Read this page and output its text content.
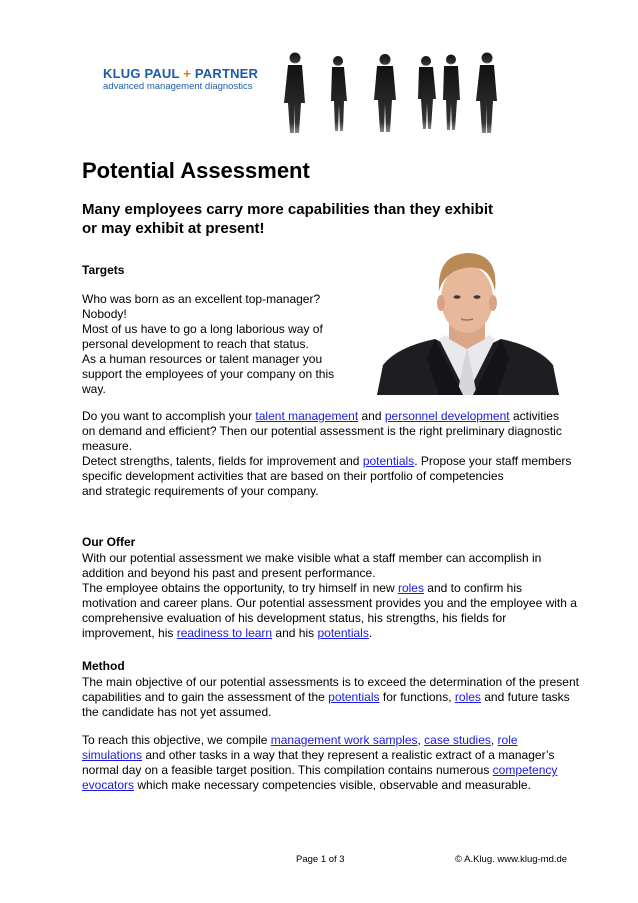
KLUG PAUL + PARTNER
advanced management diagnostics
Potential Assessment
Many employees carry more capabilities than they exhibit
or may exhibit at present!
Targets
Who was born as an excellent top-manager?
Nobody!
Most of us have to go a long laborious way of
personal development to reach that status.
As a human resources or talent manager you
support the employees of your company on this
way.
Do you want to accomplish your talent management and personnel development activities
on demand and efficient? Then our potential assessment is the right preliminary diagnostic
measure.
Detect strengths, talents, fields for improvement and potentials. Propose your staff members
specific development activities that are based on their portfolio of competencies
and strategic requirements of your company.
Our Offer
With our potential assessment we make visible what a staff member can accomplish in
addition and beyond his past and present performance.
The employee obtains the opportunity, to try himself in new roles and to confirm his
motivation and career plans. Our potential assessment provides you and the employee with a
comprehensive evaluation of his development status, his strengths, his fields for
improvement, his readiness to learn and his potentials.
Method
The main objective of our potential assessments is to exceed the determination of the present
capabilities and to gain the assessment of the potentials for functions, roles and future tasks
the candidate has not yet assumed.
To reach this objective, we compile management work samples, case studies, role
simulations and other tasks in a way that they represent a realistic extract of a manager’s
normal day on a feasible target position. This compilation contains numerous competency
evocators which make necessary competencies visible, observable and measurable.
Page 1 of 3	© A.Klug. www.klug-md.de
